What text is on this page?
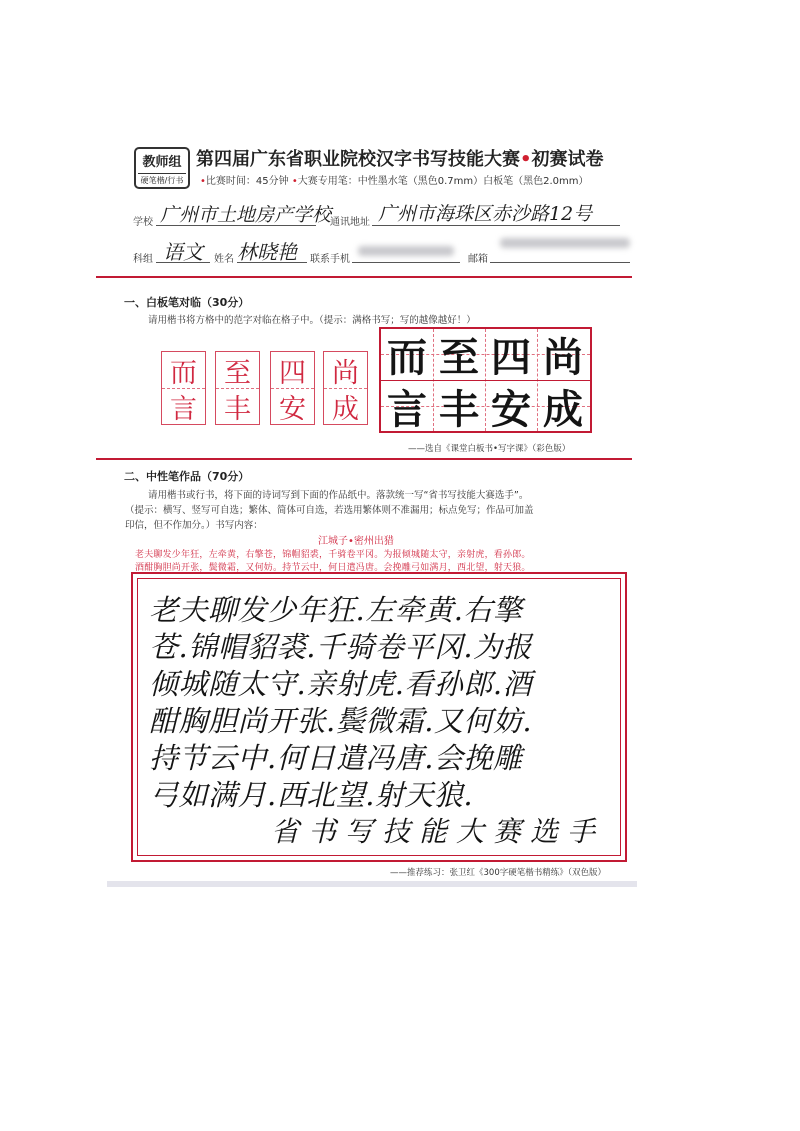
教师组
硬笔楷/行书
第四届广东省职业院校汉字书写技能大赛•初赛试卷
•比赛时间：45分钟 •大赛专用笔：中性墨水笔（黑色0.7mm）白板笔（黑色2.0mm）
学校 广州市土地房产学校
通讯地址 广州市海珠区赤沙路12号
科组 语文 姓名 林晓艳 联系手机	邮箱
一、白板笔对临（30分）
请用楷书将方格中的范字对临在格子中。（提示：满格书写；写的越像越好！）
而
言
至
丰
四
安
尚
成
而 至 四 尚
言 丰 安 成
——选自《课堂白板书•写字课》（彩色版）
二、中性笔作品（70分）
请用楷书或行书，将下面的诗词写到下面的作品纸中。落款统一写“省书写技能大赛选手”。
（提示：横写、竖写可自选；繁体、简体可自选，若选用繁体则不准漏用；标点免写；作品可加盖
印信，但不作加分。）书写内容：
江城子•密州出猎
老夫聊发少年狂，左牵黄，右擎苍，锦帽貂裘，千骑卷平冈。为报倾城随太守，亲射虎，看孙郎。
酒酣胸胆尚开张，鬓微霜，又何妨。持节云中，何日遣冯唐。会挽雕弓如满月，西北望，射天狼。
老夫聊发少年狂.左牵黄.右擎
苍.锦帽貂裘.千骑卷平冈.为报
倾城随太守.亲射虎.看孙郎.酒
酣胸胆尚开张.鬓微霜.又何妨.
持节云中.何日遣冯唐.会挽雕
弓如满月.西北望.射天狼.
省书写技能大赛选手
——推荐练习：张卫红《300字硬笔楷书精练》（双色版）
